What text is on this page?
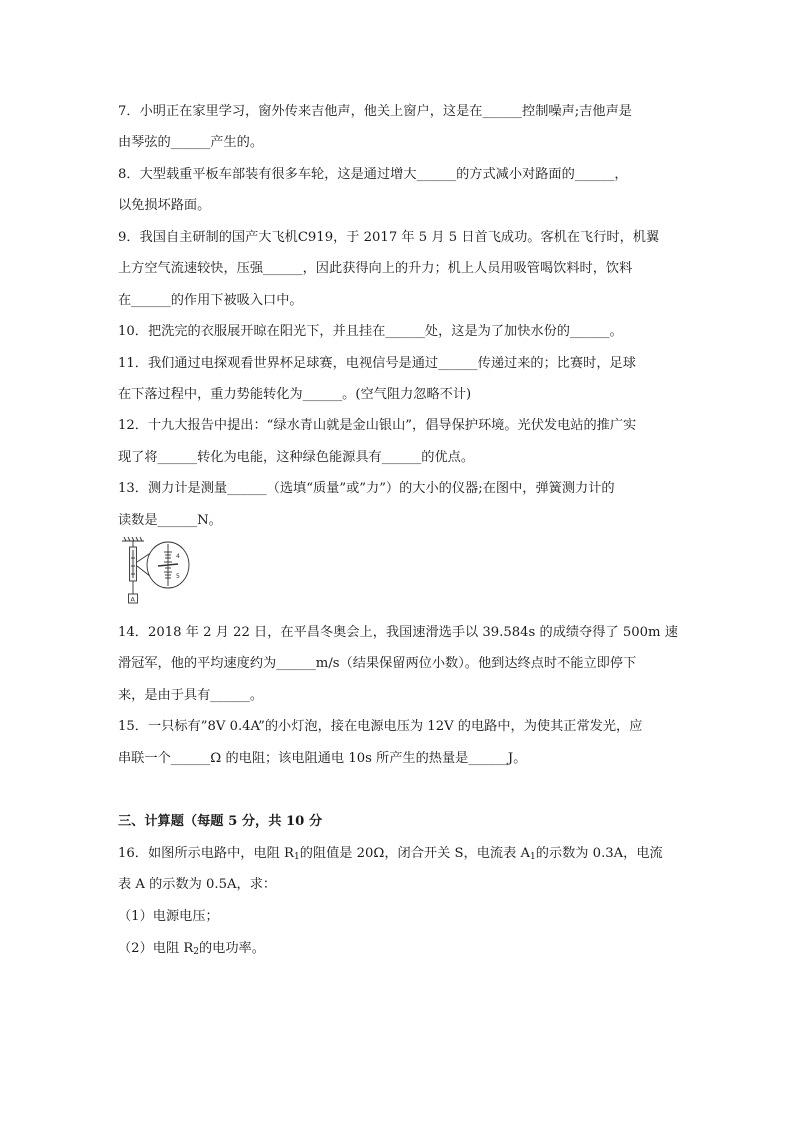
7．小明正在家里学习，窗外传来吉他声，他关上窗户，这是在______控制噪声;吉他声是
由琴弦的______产生的。
8．大型载重平板车部装有很多车轮，这是通过增大______的方式减小对路面的______，
以免损坏路面。
9．我国自主研制的国产大飞机C919，于 2017 年 5 月 5 日首飞成功。客机在飞行时，机翼
上方空气流速较快，压强______，因此获得向上的升力；机上人员用吸管喝饮料时，饮料
在______的作用下被吸入口中。
10．把洗完的衣服展开晾在阳光下，并且挂在______处，这是为了加快水份的______。
11．我们通过电探观看世界杯足球赛，电视信号是通过______传递过来的；比赛时，足球
在下落过程中，重力势能转化为______。(空气阻力忽略不计)
12．十九大报告中提出：“绿水青山就是金山银山”，倡导保护环境。光伏发电站的推广实
现了将______转化为电能，这种绿色能源具有______的优点。
13．测力计是测量______（选填“质量”或”力”）的大小的仪器;在图中，弹簧测力计的
读数是______N。
14．2018 年 2 月 22 日，在平昌冬奥会上，我国速滑选手以 39.584s 的成绩夺得了 500m 速
滑冠军，他的平均速度约为______m/s（结果保留两位小数）。他到达终点时不能立即停下
来，是由于具有______。
15．一只标有”8V 0.4A”的小灯泡，接在电源电压为 12V 的电路中，为使其正常发光，应
串联一个______Ω 的电阻；该电阻通电 10s 所产生的热量是______J。
4
5
A
三、计算题（每题 5 分，共 10 分
16．如图所示电路中，电阻 $R_1$的阻值是 20Ω，闭合开关 S，电流表 $A_1$的示数为 0.3A，电流
表 A 的示数为 0.5A，求：
（1）电源电压；
（2）电阻 $R_2$的电功率。
